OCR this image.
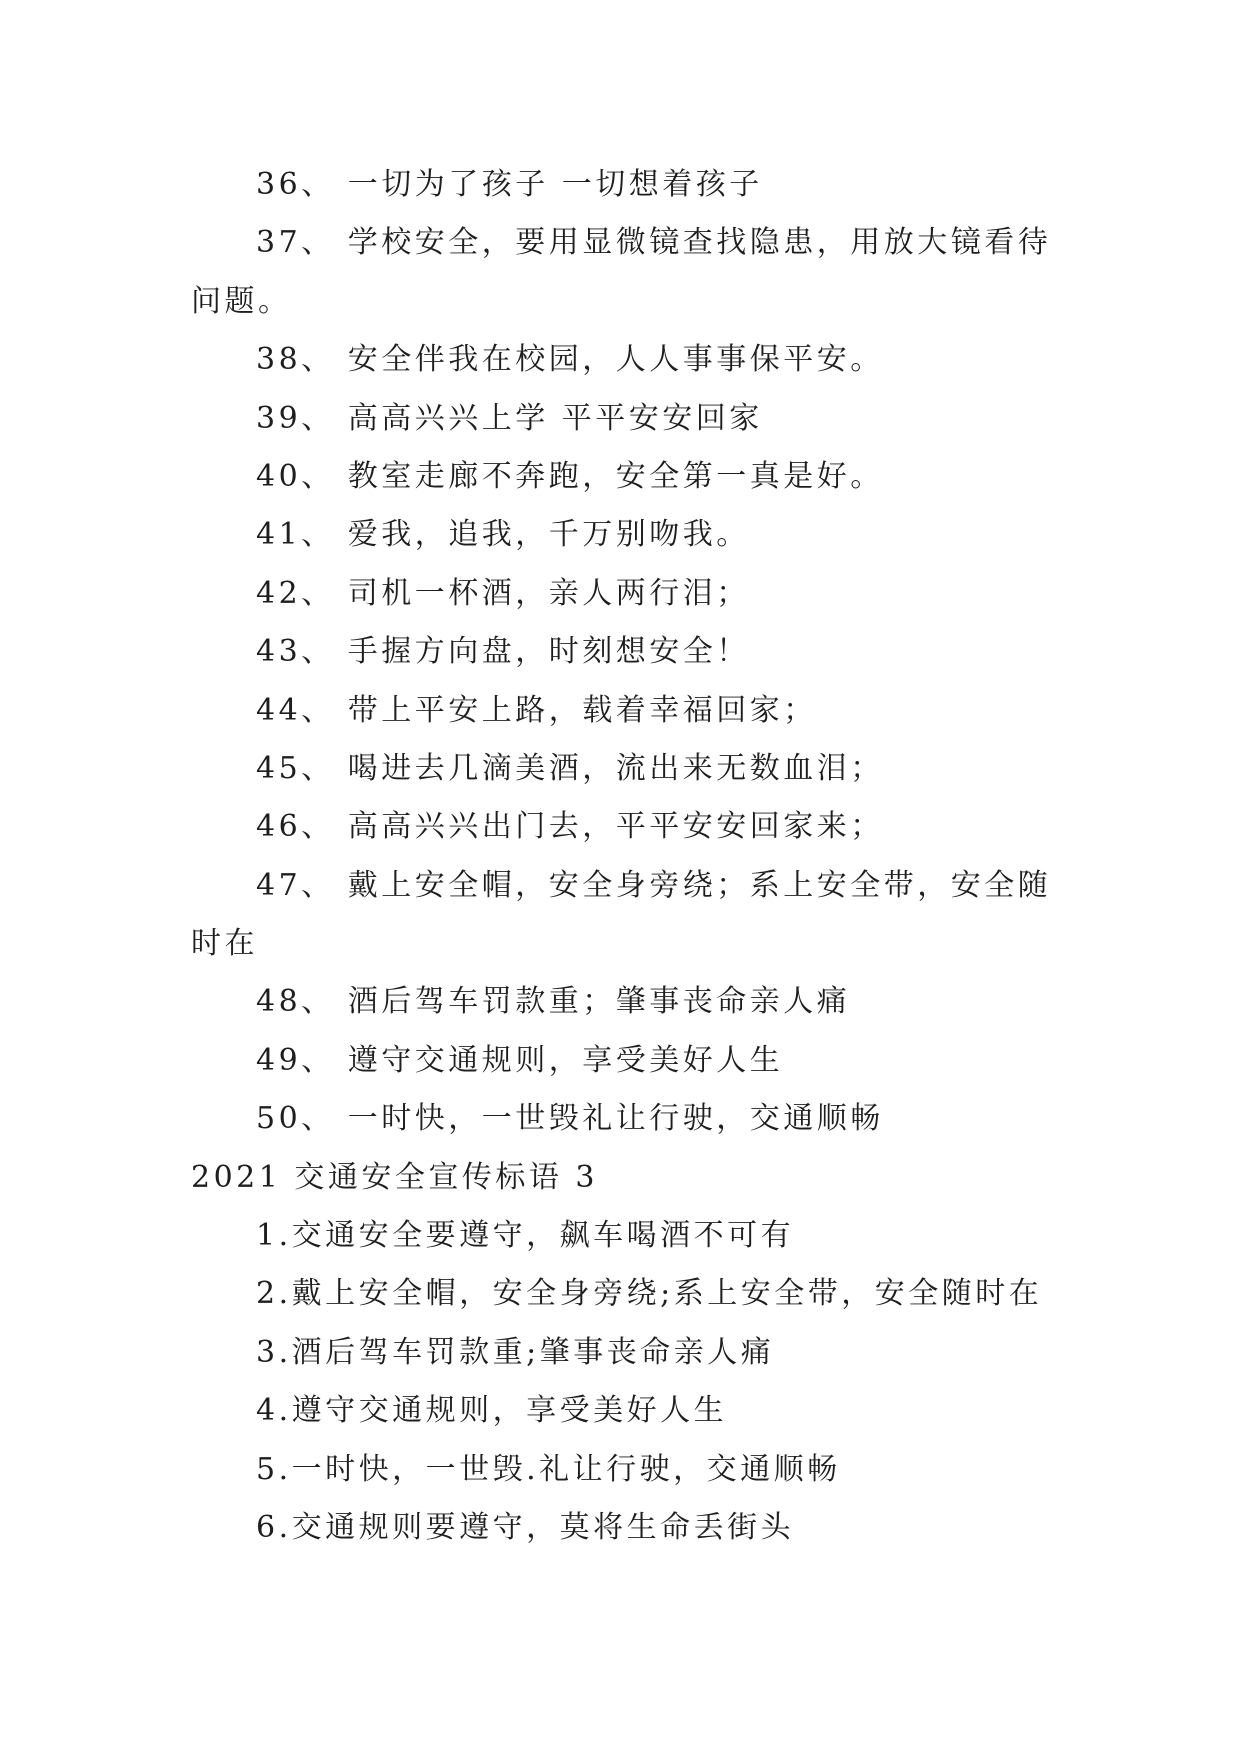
36、 一切为了孩子 一切想着孩子
37、 学校安全，要用显微镜查找隐患，用放大镜看待
问题。
38、 安全伴我在校园，人人事事保平安。
39、 高高兴兴上学 平平安安回家
40、 教室走廊不奔跑，安全第一真是好。
41、 爱我，追我，千万别吻我。
42、 司机一杯酒，亲人两行泪；
43、 手握方向盘，时刻想安全！
44、 带上平安上路，载着幸福回家；
45、 喝进去几滴美酒，流出来无数血泪；
46、 高高兴兴出门去，平平安安回家来；
47、 戴上安全帽，安全身旁绕；系上安全带，安全随
时在
48、 酒后驾车罚款重；肇事丧命亲人痛
49、 遵守交通规则，享受美好人生
50、 一时快，一世毁礼让行驶，交通顺畅
2021 交通安全宣传标语 3
1.交通安全要遵守，飙车喝酒不可有
2.戴上安全帽，安全身旁绕;系上安全带，安全随时在
3.酒后驾车罚款重;肇事丧命亲人痛
4.遵守交通规则，享受美好人生
5.一时快，一世毁.礼让行驶，交通顺畅
6.交通规则要遵守，莫将生命丢街头
